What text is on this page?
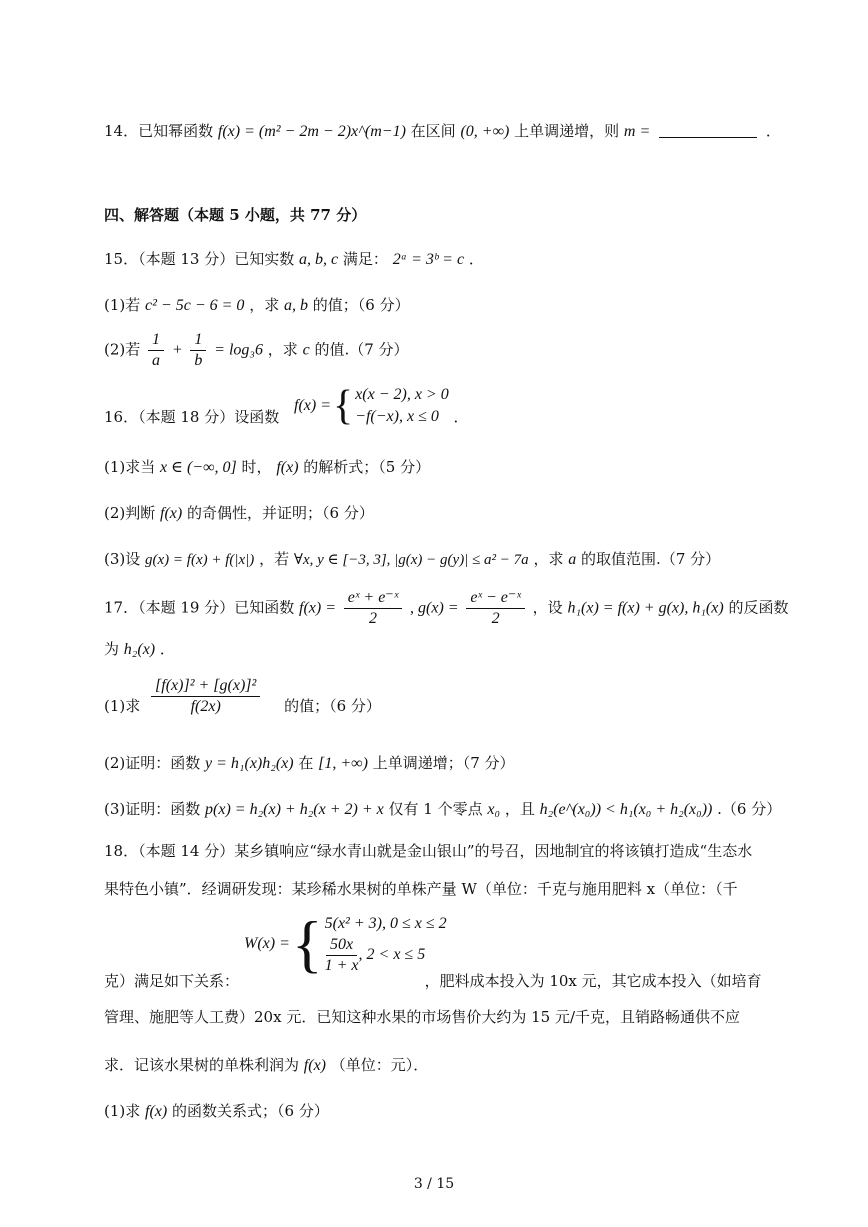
14．已知幂函数 f(x) = (m² − 2m − 2)x^(m−1) 在区间 (0, +∞) 上单调递增，则 m =	．
四、解答题（本题 5 小题，共 77 分）
15．（本题 13 分）已知实数 a, b, c 满足： 2ᵃ = 3ᵇ = c ．
(1)若 c² − 5c − 6 = 0 ，求 a, b 的值；（6 分）
(2)若 $\frac{1}{a} + \frac{1}{b} = \log_36$ ，求 c 的值.（7 分）
16．（本题 18 分）设函数
f(x) = { x(x − 2), x > 0
−f(−x), x ≤ 0 ．
(1)求当 x ∈ (−∞, 0] 时， f(x) 的解析式；（5 分）
(2)判断 f(x) 的奇偶性，并证明；（6 分）
(3)设 g(x) = f(x) + f(|x|) ，若 ∀x, y ∈ [−3, 3], |g(x) − g(y)| ≤ a² − 7a ，求 a 的取值范围.（7 分）
17．（本题 19 分）已知函数 $f(x) = \frac{\text{eˣ + e⁻ˣ}}{2}$ , $g(x) = \frac{\text{eˣ − e⁻ˣ}}{2}$ ，设 h₁(x) = f(x) + g(x), h₁(x) 的反函数
为 h₂(x) ．
(1)求 $\frac{\text{[f(x)]² + [g(x)]²}}{f(2x)}$ 的值；（6 分）
(2)证明：函数 y = h₁(x)h₂(x) 在 [1, +∞) 上单调递增；（7 分）
(3)证明：函数 p(x) = h₂(x) + h₂(x + 2) + x 仅有 1 个零点 x₀ ，且 h₂(e^(x₀)) < h₁(x₀ + h₂(x₀)) .（6 分）
18．（本题 14 分）某乡镇响应“绿水青山就是金山银山”的号召，因地制宜的将该镇打造成“生态水
果特色小镇”．经调研发现：某珍稀水果树的单株产量 W（单位：千克与施用肥料 x（单位：（千
W(x) = { 5(x² + 3), 0 ≤ x ≤ 2
$\frac{50x}{1 + x}$ , 2 < x ≤ 5
克）满足如下关系：	，肥料成本投入为 10x 元，其它成本投入（如培育
管理、施肥等人工费）20x 元．已知这种水果的市场售价大约为 15 元/千克，且销路畅通供不应
求．记该水果树的单株利润为 f(x) （单位：元）．
(1)求 f(x) 的函数关系式；（6 分）
3 / 15
